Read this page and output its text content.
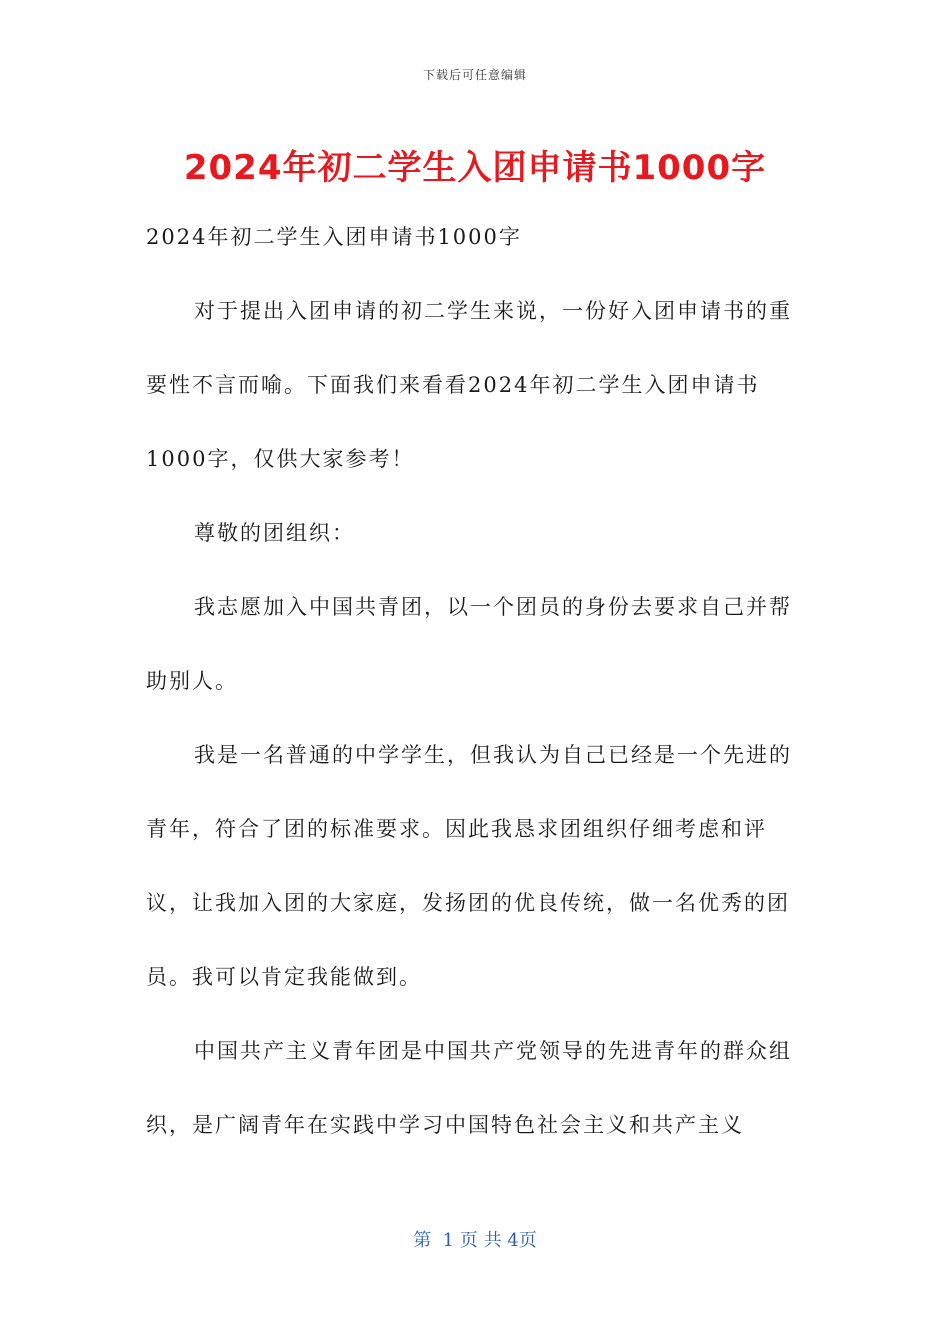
下载后可任意编辑
2024年初二学生入团申请书1000字

2024年初二学生入团申请书1000字

对于提出入团申请的初二学生来说，一份好入团申请书的重要性不言而喻。下面我们来看看2024年初二学生入团申请书1000字，仅供大家参考！

尊敬的团组织：

我志愿加入中国共青团，以一个团员的身份去要求自己并帮助别人。

我是一名普通的中学学生，但我认为自己已经是一个先进的青年，符合了团的标准要求。因此我恳求团组织仔细考虑和评议，让我加入团的大家庭，发扬团的优良传统，做一名优秀的团员。我可以肯定我能做到。

中国共产主义青年团是中国共产党领导的先进青年的群众组织，是广阔青年在实践中学习中国特色社会主义和共产主义

第  1 页 共 4页
